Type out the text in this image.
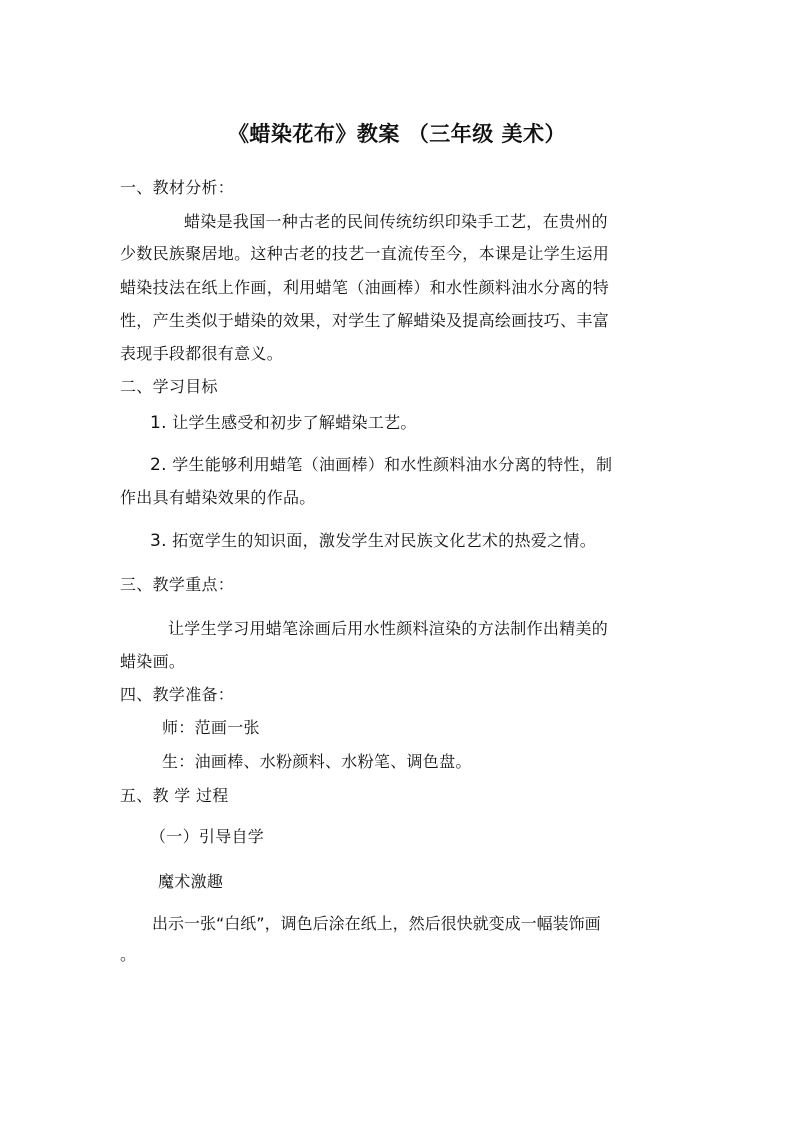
《蜡染花布》教案 （三年级 美术）
一、教材分析：
蜡染是我国一种古老的民间传统纺织印染手工艺，在贵州的
少数民族聚居地。这种古老的技艺一直流传至今，本课是让学生运用
蜡染技法在纸上作画，利用蜡笔（油画棒）和水性颜料油水分离的特
性，产生类似于蜡染的效果，对学生了解蜡染及提高绘画技巧、丰富
表现手段都很有意义。
二、学习目标
1. 让学生感受和初步了解蜡染工艺。
2. 学生能够利用蜡笔（油画棒）和水性颜料油水分离的特性，制
作出具有蜡染效果的作品。
3. 拓宽学生的知识面，激发学生对民族文化艺术的热爱之情。
三、教学重点：
让学生学习用蜡笔涂画后用水性颜料渲染的方法制作出精美的
蜡染画。
四、教学准备：
师：范画一张
生：油画棒、水粉颜料、水粉笔、调色盘。
五、教 学 过程
（一）引导自学
魔术激趣
出示一张“白纸”，调色后涂在纸上，然后很快就变成一幅装饰画
。
